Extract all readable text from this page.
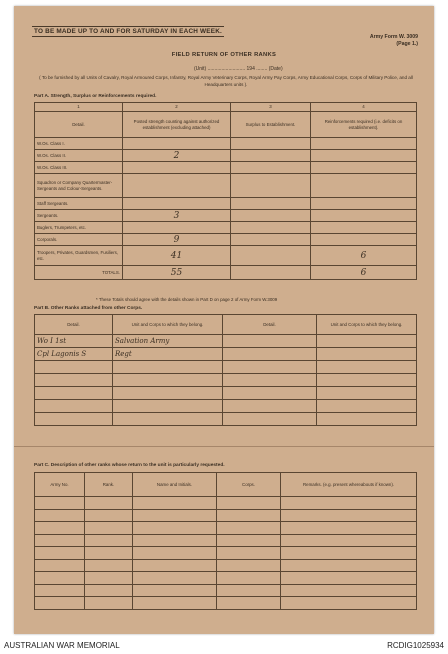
TO BE MADE UP TO AND FOR SATURDAY IN EACH WEEK.
Army Form W. 3009
(Page 1.)
FIELD RETURN OF OTHER RANKS
(Unit) ........................... 194 ........ (Date)
( To be furnished by all Units of Cavalry, Royal Armoured Corps, Infantry, Royal Army Veterinary Corps, Royal Army Pay Corps, Army Educational Corps, Corps of Military Police, and all Headquarters units ).
Part A. Strength, Surplus or Reinforcements required.
1	2	3	4
Detail.	Posted strength counting against authorized establishment (excluding attached)	Surplus to Establishment.	Reinforcements required (i.e. deficits on establishment).
W.Os. Class I.			
W.Os. Class II.	2		
W.Os. Class III.			
Squadron or Company Quartermaster-Sergeants and Colour-Sergeants.			
Staff Sergeants.			
Sergeants.	3		
Buglers, Trumpeters, etc.			
Corporals.	9		
Troopers, Privates, Guardsmen, Fusiliers, etc.	41		6
TOTALS.	55		6
* These Totals should agree with the details shown in Part D on page 2 of Army Form W.3009
Part B. Other Ranks attached from other Corps.
Detail.	Unit and Corps to which they belong.	Detail.	Unit and Corps to which they belong.
Wo I 1st	Salvation Army		
Cpl Lagonis S	Regt		

Part C. Description of other ranks whose return to the unit is particularly requested.
Army No.	Rank.	Name and Initials.	Corps.	Remarks. (e.g. present whereabouts if known).

AUSTRALIAN WAR MEMORIAL	RCDIG1025934
